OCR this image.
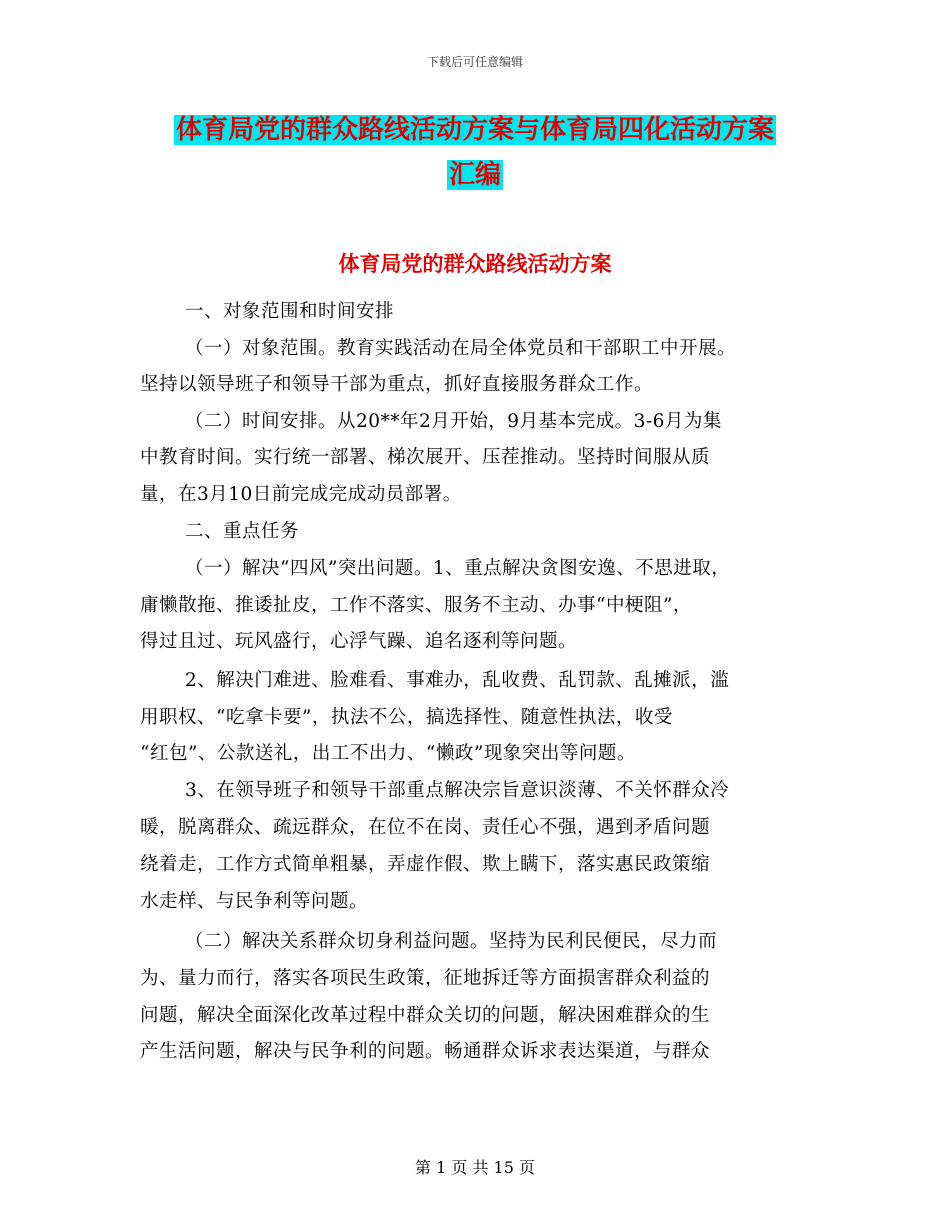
下载后可任意编辑
体育局党的群众路线活动方案与体育局四化活动方案
汇编
体育局党的群众路线活动方案
一、对象范围和时间安排
（一）对象范围。教育实践活动在局全体党员和干部职工中开展。
坚持以领导班子和领导干部为重点，抓好直接服务群众工作。
（二）时间安排。从20**年2月开始，9月基本完成。3-6月为集
中教育时间。实行统一部署、梯次展开、压茬推动。坚持时间服从质
量，在3月10日前完成完成动员部署。
二、重点任务
（一）解决“四风”突出问题。1、重点解决贪图安逸、不思进取，
庸懒散拖、推诿扯皮，工作不落实、服务不主动、办事“中梗阻”，
得过且过、玩风盛行，心浮气躁、追名逐利等问题。
2、解决门难进、脸难看、事难办，乱收费、乱罚款、乱摊派，滥
用职权、“吃拿卡要”，执法不公，搞选择性、随意性执法，收受
“红包”、公款送礼，出工不出力、“懒政”现象突出等问题。
3、在领导班子和领导干部重点解决宗旨意识淡薄、不关怀群众冷
暖，脱离群众、疏远群众，在位不在岗、责任心不强，遇到矛盾问题
绕着走，工作方式简单粗暴，弄虚作假、欺上瞒下，落实惠民政策缩
水走样、与民争利等问题。
（二）解决关系群众切身利益问题。坚持为民利民便民，尽力而
为、量力而行，落实各项民生政策，征地拆迁等方面损害群众利益的
问题，解决全面深化改革过程中群众关切的问题，解决困难群众的生
产生活问题，解决与民争利的问题。畅通群众诉求表达渠道，与群众
第 1 页 共 15 页
